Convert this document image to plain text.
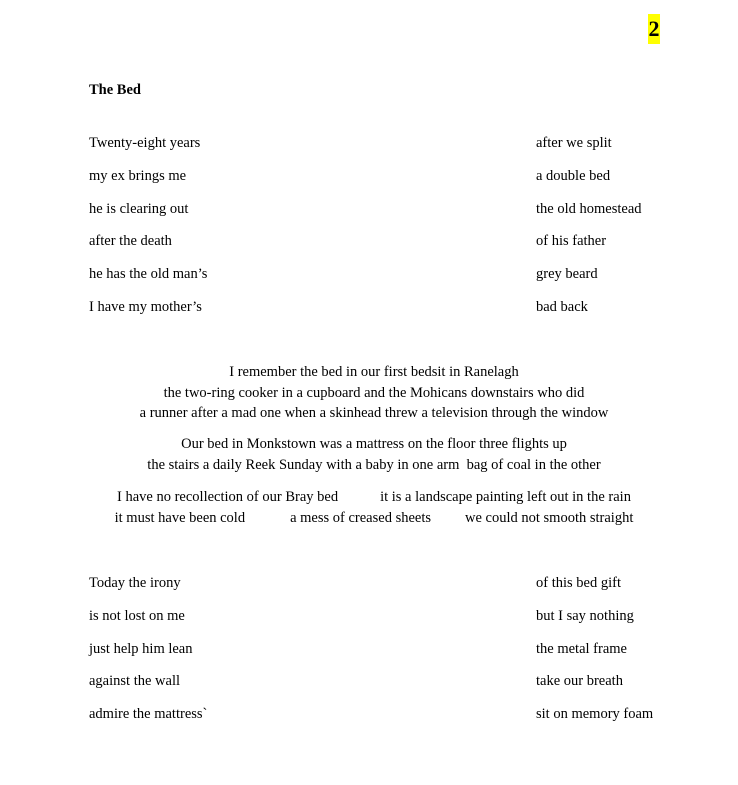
2
The Bed
Twenty-eight years	after we split
my ex brings me	a double bed
he is clearing out	the old homestead
after the death	of his father
he has the old man’s	grey beard
I have my mother’s	bad back
I remember the bed in our first bedsit in Ranelagh
the two-ring cooker in a cupboard and the Mohicans downstairs who did
a runner after a mad one when a skinhead threw a television through the window
Our bed in Monkstown was a mattress on the floor three flights up
the stairs a daily Reek Sunday with a baby in one arm  bag of coal in the other
I have no recollection of our Bray bed	it is a landscape painting left out in the rain
it must have been cold	a mess of creased sheets we could not smooth straight
Today the irony	of this bed gift
is not lost on me	but I say nothing
just help him lean	the metal frame
against the wall	take our breath
admire the mattress`	sit on memory foam
